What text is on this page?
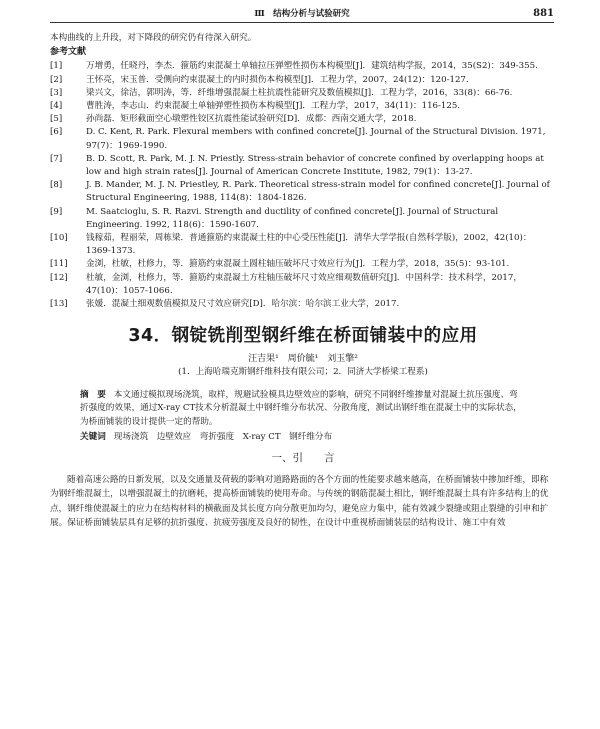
Ⅲ　结构分析与试验研究	881

本构曲线的上升段，对下降段的研究仍有待深入研究。

参考文献

[1]	万增勇，任晓丹，李杰．箍筋约束混凝土单轴拉压弹塑性损伤本构模型[J]．建筑结构学报，2014，35(S2)：349-355.

[2]	王怀亮，宋玉普．受侧向约束混凝土的内时损伤本构模型[J]．工程力学，2007，24(12)：120-127.

[3]	梁兴文，徐洁，郭明涛，等．纤维增强混凝土柱抗震性能研究及数值模拟[J]．工程力学，2016，33(8)：66-76.

[4]	曹胜涛，李志山．约束混凝土单轴弹塑性损伤本构模型[J]．工程力学，2017，34(11)：116-125.

[5]	孙尚磊．矩形截面空心墩塑性铰区抗震性能试验研究[D]．成都：西南交通大学，2018.

[6]	D. C. Kent, R. Park. Flexural members with confined concrete[J]. Journal of the Structural Division. 1971, 97(7)：1969-1990.

[7]	B. D. Scott, R. Park, M. J. N. Priestly. Stress-strain behavior of concrete confined by overlapping hoops at low and high strain rates[J]. Journal of American Concrete Institute, 1982, 79(1)：13-27.

[8]	J. B. Mander, M. J. N. Priestley, R. Park. Theoretical stress-strain model for confined concrete[J]. Journal of Structural Engineering, 1988, 114(8)：1804-1826.

[9]	M. Saatcioglu, S. R. Razvi. Strength and ductility of confined concrete[J]. Journal of Structural Engineering. 1992, 118(6)：1590-1607.

[10] 钱稼茹，程丽荣，周栋梁．普通箍筋约束混凝土柱的中心受压性能[J]．清华大学学报(自然科学版)，2002，42(10)：1369-1373.

[11] 金浏，杜敏，杜修力，等．箍筋约束混凝土圆柱轴压破坏尺寸效应行为[J]．工程力学，2018，35(5)：93-101.

[12] 杜敏，金浏，杜修力，等．箍筋约束混凝土方柱轴压破坏尺寸效应细观数值研究[J]．中国科学：技术科学，2017，47(10)：1057-1066.

[13] 张媛．混凝土细观数值模拟及尺寸效应研究[D]．哈尔滨：哈尔滨工业大学，2017.

34．钢锭铣削型钢纤维在桥面铺装中的应用
汪吉果¹　周价毓¹　刘玉擎²
(1．上海哈瑞克斯钢纤维科技有限公司；2．同济大学桥梁工程系)

摘　要 本文通过模拟现场浇筑，取样，规避试验模具边壁效应的影响，研究不同钢纤维掺量对混凝土抗压强度、弯折强度的效果，通过X-ray CT技术分析混凝土中钢纤维分布状况、分散角度，测试出钢纤维在混凝土中的实际状态，为桥面铺装的设计提供一定的帮助。

关键词 现场浇筑　边壁效应　弯折强度　X-ray CT　钢纤维分布

一、引　　言

随着高速公路的日新发展，以及交通量及荷载的影响对道路路面的各个方面的性能要求越来越高，在桥面铺装中掺加纤维，即称为钢纤维混凝土，以增强混凝土的抗磨耗，提高桥面铺装的使用寿命。与传统的钢筋混凝土相比，钢纤维混凝土具有许多结构上的优点，钢纤维使混凝土的应力在结构材料的横截面及其长度方向分散更加均匀，避免应力集中，能有效减少裂缝或阻止裂缝的引申和扩展。保证桥面铺装层具有足够的抗折强度、抗疲劳强度及良好的韧性，在设计中重视桥面铺装层的结构设计、施工中有效
